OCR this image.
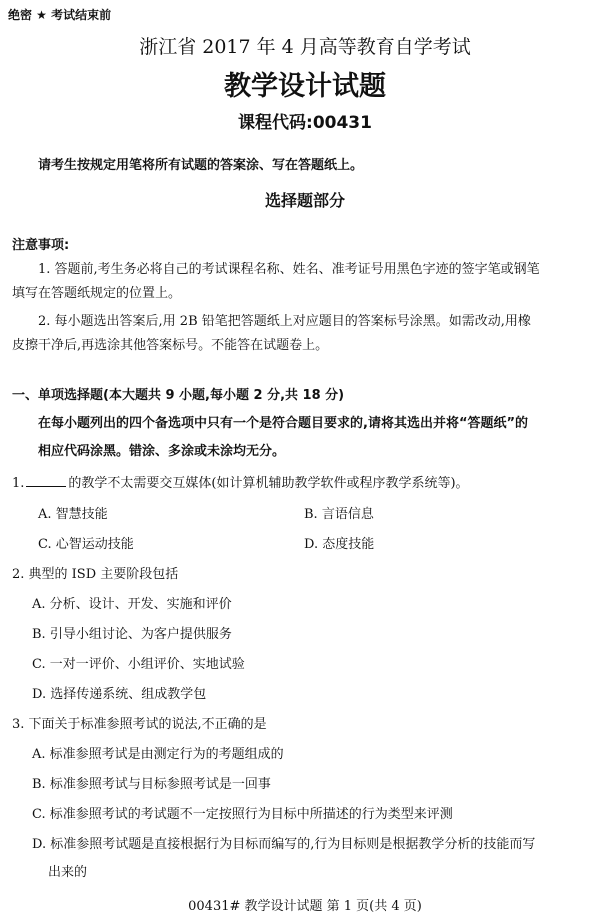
绝密 ★ 考试结束前
浙江省 2017 年 4 月高等教育自学考试
教学设计试题
课程代码:00431
请考生按规定用笔将所有试题的答案涂、写在答题纸上。
选择题部分
注意事项:
1. 答题前,考生务必将自己的考试课程名称、姓名、准考证号用黑色字迹的签字笔或钢笔
填写在答题纸规定的位置上。
2. 每小题选出答案后,用 2B 铅笔把答题纸上对应题目的答案标号涂黑。如需改动,用橡
皮擦干净后,再选涂其他答案标号。不能答在试题卷上。
一、单项选择题(本大题共 9 小题,每小题 2 分,共 18 分)
在每小题列出的四个备选项中只有一个是符合题目要求的,请将其选出并将“答题纸”的
相应代码涂黑。错涂、多涂或未涂均无分。
1.	的教学不太需要交互媒体(如计算机辅助教学软件或程序教学系统等)。
A. 智慧技能	B. 言语信息
C. 心智运动技能	D. 态度技能
2. 典型的 ISD 主要阶段包括
A. 分析、设计、开发、实施和评价
B. 引导小组讨论、为客户提供服务
C. 一对一评价、小组评价、实地试验
D. 选择传递系统、组成教学包
3. 下面关于标准参照考试的说法,不正确的是
A. 标准参照考试是由测定行为的考题组成的
B. 标准参照考试与目标参照考试是一回事
C. 标准参照考试的考试题不一定按照行为目标中所描述的行为类型来评测
D. 标准参照考试题是直接根据行为目标而编写的,行为目标则是根据教学分析的技能而写
出来的
00431# 教学设计试题 第 1 页(共 4 页)
